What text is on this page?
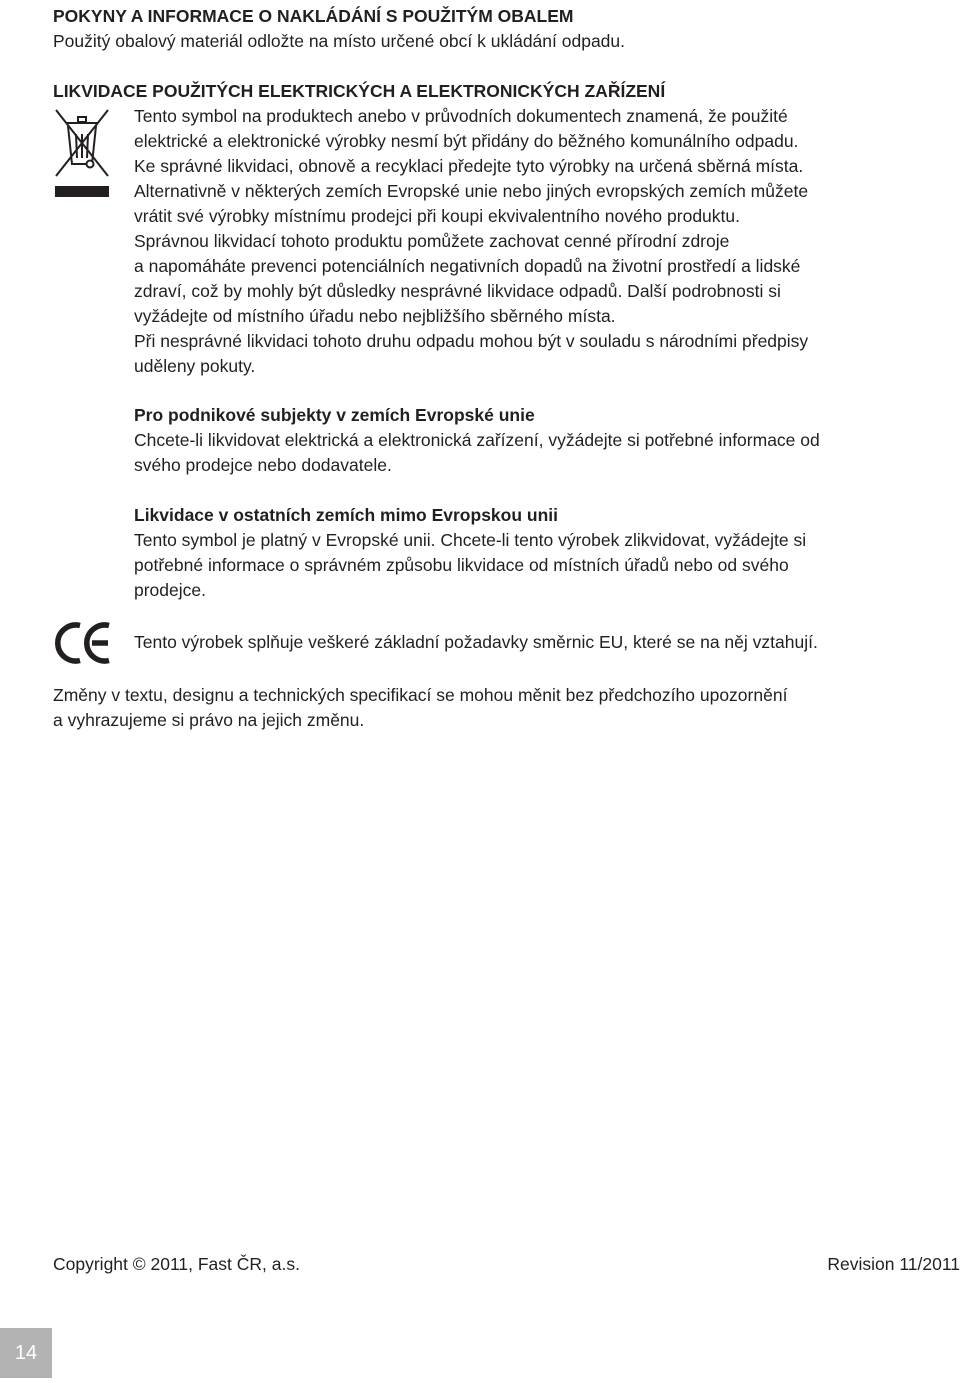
POKYNY A INFORMACE O NAKLÁDÁNÍ S POUŽITÝM OBALEM

Použitý obalový materiál odložte na místo určené obcí k ukládání odpadu.

LIKVIDACE POUŽITÝCH ELEKTRICKÝCH A ELEKTRONICKÝCH ZAŘÍZENÍ

Tento symbol na produktech anebo v průvodních dokumentech znamená, že použité

elektrické a elektronické výrobky nesmí být přidány do běžného komunálního odpadu.

Ke správné likvidaci, obnově a recyklaci předejte tyto výrobky na určená sběrná místa.

Alternativně v některých zemích Evropské unie nebo jiných evropských zemích můžete

vrátit své výrobky místnímu prodejci při koupi ekvivalentního nového produktu.

Správnou likvidací tohoto produktu pomůžete zachovat cenné přírodní zdroje

a napomáháte prevenci potenciálních negativních dopadů na životní prostředí a lidské

zdraví, což by mohly být důsledky nesprávné likvidace odpadů. Další podrobnosti si

vyžádejte od místního úřadu nebo nejbližšího sběrného místa.

Při nesprávné likvidaci tohoto druhu odpadu mohou být v souladu s národními předpisy

uděleny pokuty.

Pro podnikové subjekty v zemích Evropské unie

Chcete-li likvidovat elektrická a elektronická zařízení, vyžádejte si potřebné informace od

svého prodejce nebo dodavatele.

Likvidace v ostatních zemích mimo Evropskou unii

Tento symbol je platný v Evropské unii. Chcete-li tento výrobek zlikvidovat, vyžádejte si

potřebné informace o správném způsobu likvidace od místních úřadů nebo od svého

prodejce.

Tento výrobek splňuje veškeré základní požadavky směrnic EU, které se na něj vztahují.

Změny v textu, designu a technických specifikací se mohou měnit bez předchozího upozornění

a vyhrazujeme si právo na jejich změnu.

Copyright © 2011, Fast ČR, a.s.	Revision 11/2011
14
